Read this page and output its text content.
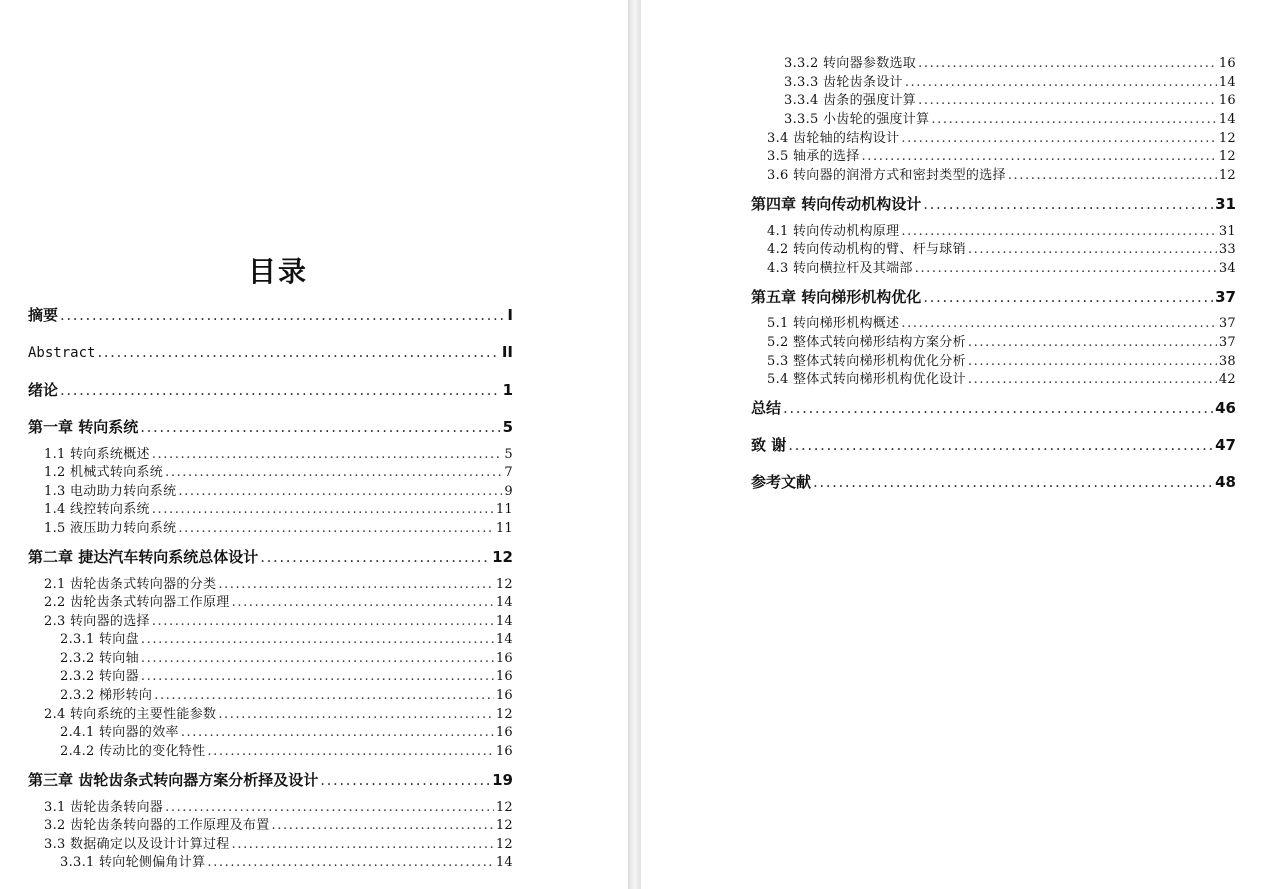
目录
摘要 .....	I
Abstract .....	II
绪论 .....	1
第一章 转向系统 .....	5
1.1 转向系统概述 .....	5
1.2 机械式转向系统 .....	7
1.3 电动助力转向系统 .....	9
1.4 线控转向系统 .....	11
1.5 液压助力转向系统 .....	11
第二章 捷达汽车转向系统总体设计 .....	12
2.1 齿轮齿条式转向器的分类 .....	12
2.2 齿轮齿条式转向器工作原理 .....	14
2.3 转向器的选择 .....	14
2.3.1 转向盘 .....	14
2.3.2 转向轴 .....	16
2.3.2 转向器 .....	16
2.3.2 梯形转向 .....	16
2.4 转向系统的主要性能参数 .....	12
2.4.1 转向器的效率 .....	16
2.4.2 传动比的变化特性 .....	16
第三章 齿轮齿条式转向器方案分析择及设计 .....	19
3.1 齿轮齿条转向器 .....	12
3.2 齿轮齿条转向器的工作原理及布置 .....	12
3.3 数据确定以及设计计算过程 .....	12
3.3.1 转向轮侧偏角计算 .....	14
3.3.2 转向器参数选取 .....	16
3.3.3 齿轮齿条设计 .....	14
3.3.4 齿条的强度计算 .....	16
3.3.5 小齿轮的强度计算 .....	14
3.4 齿轮轴的结构设计 .....	12
3.5 轴承的选择 .....	12
3.6 转向器的润滑方式和密封类型的选择 .....	12
第四章 转向传动机构设计 .....	31
4.1 转向传动机构原理 .....	31
4.2 转向传动机构的臂、杆与球销 .....	33
4.3 转向横拉杆及其端部 .....	34
第五章 转向梯形机构优化 .....	37
5.1 转向梯形机构概述 .....	37
5.2 整体式转向梯形结构方案分析 .....	37
5.3 整体式转向梯形机构优化分析 .....	38
5.4 整体式转向梯形机构优化设计 .....	42
总结 .....	46
致 谢 .....	47
参考文献 .....	48
